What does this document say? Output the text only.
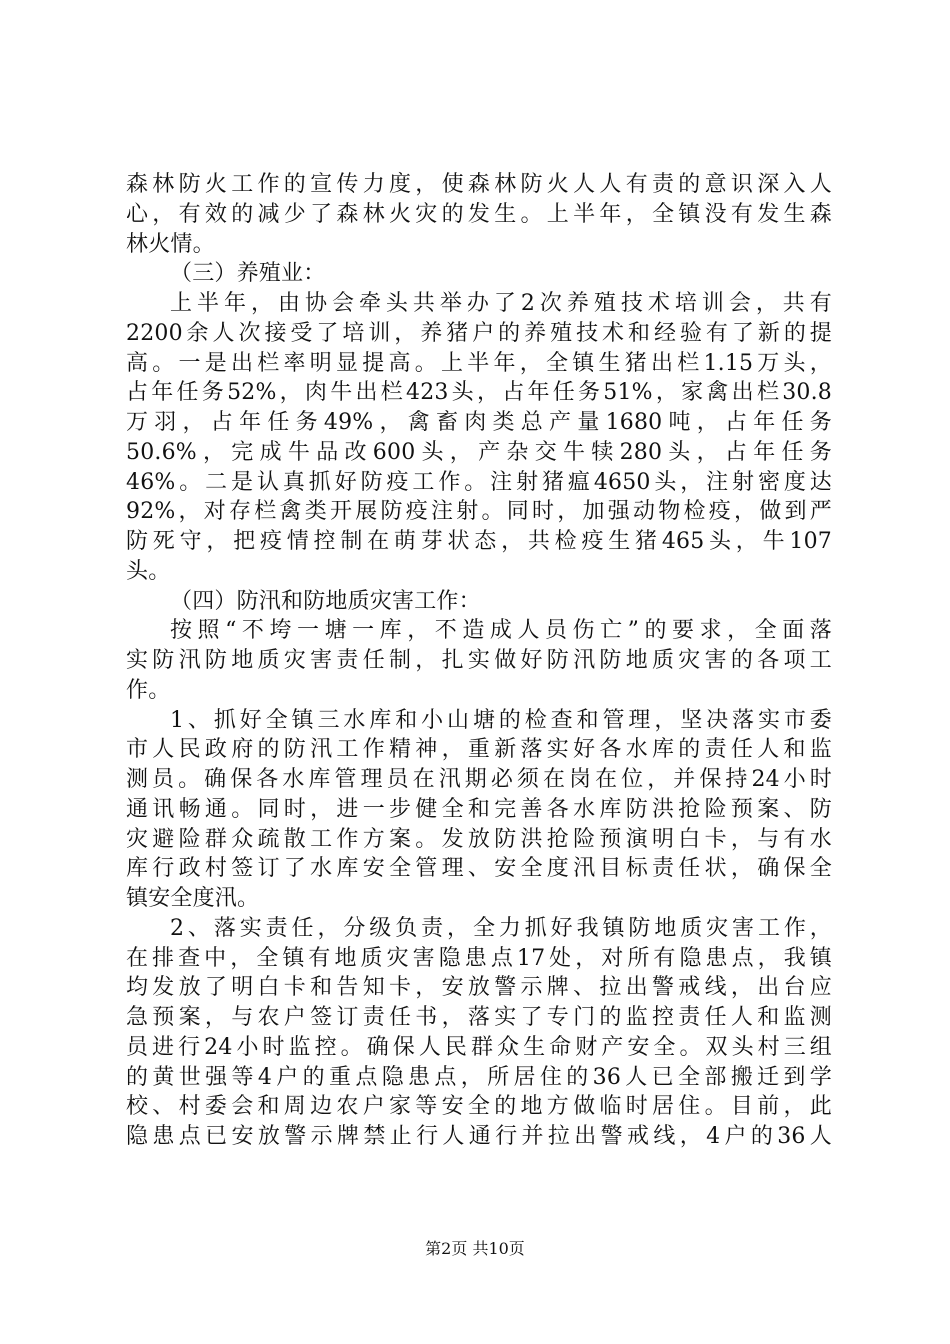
森林防火工作的宣传力度，使森林防火人人有责的意识深入人
心，有效的减少了森林火灾的发生。上半年，全镇没有发生森
林火情。
（三）养殖业：
上半年，由协会牵头共举办了2次养殖技术培训会，共有
2200余人次接受了培训，养猪户的养殖技术和经验有了新的提
高。一是出栏率明显提高。上半年，全镇生猪出栏1.15万头，
占年任务52%，肉牛出栏423头，占年任务51%，家禽出栏30.8
万羽，占年任务49%，禽畜肉类总产量1680吨，占年任务
50.6%，完成牛品改600头，产杂交牛犊280头，占年任务
46%。二是认真抓好防疫工作。注射猪瘟4650头，注射密度达
92%，对存栏禽类开展防疫注射。同时，加强动物检疫，做到严
防死守，把疫情控制在萌芽状态，共检疫生猪465头，牛107
头。
（四）防汛和防地质灾害工作：
按照“不垮一塘一库，不造成人员伤亡”的要求，全面落
实防汛防地质灾害责任制，扎实做好防汛防地质灾害的各项工
作。
1、抓好全镇三水库和小山塘的检查和管理，坚决落实市委
市人民政府的防汛工作精神，重新落实好各水库的责任人和监
测员。确保各水库管理员在汛期必须在岗在位，并保持24小时
通讯畅通。同时，进一步健全和完善各水库防洪抢险预案、防
灾避险群众疏散工作方案。发放防洪抢险预演明白卡，与有水
库行政村签订了水库安全管理、安全度汛目标责任状，确保全
镇安全度汛。
2、落实责任，分级负责，全力抓好我镇防地质灾害工作，
在排查中，全镇有地质灾害隐患点17处，对所有隐患点，我镇
均发放了明白卡和告知卡，安放警示牌、拉出警戒线，出台应
急预案，与农户签订责任书，落实了专门的监控责任人和监测
员进行24小时监控。确保人民群众生命财产安全。双头村三组
的黄世强等4户的重点隐患点，所居住的36人已全部搬迁到学
校、村委会和周边农户家等安全的地方做临时居住。目前，此
隐患点已安放警示牌禁止行人通行并拉出警戒线，4户的36人
第2页 共10页
